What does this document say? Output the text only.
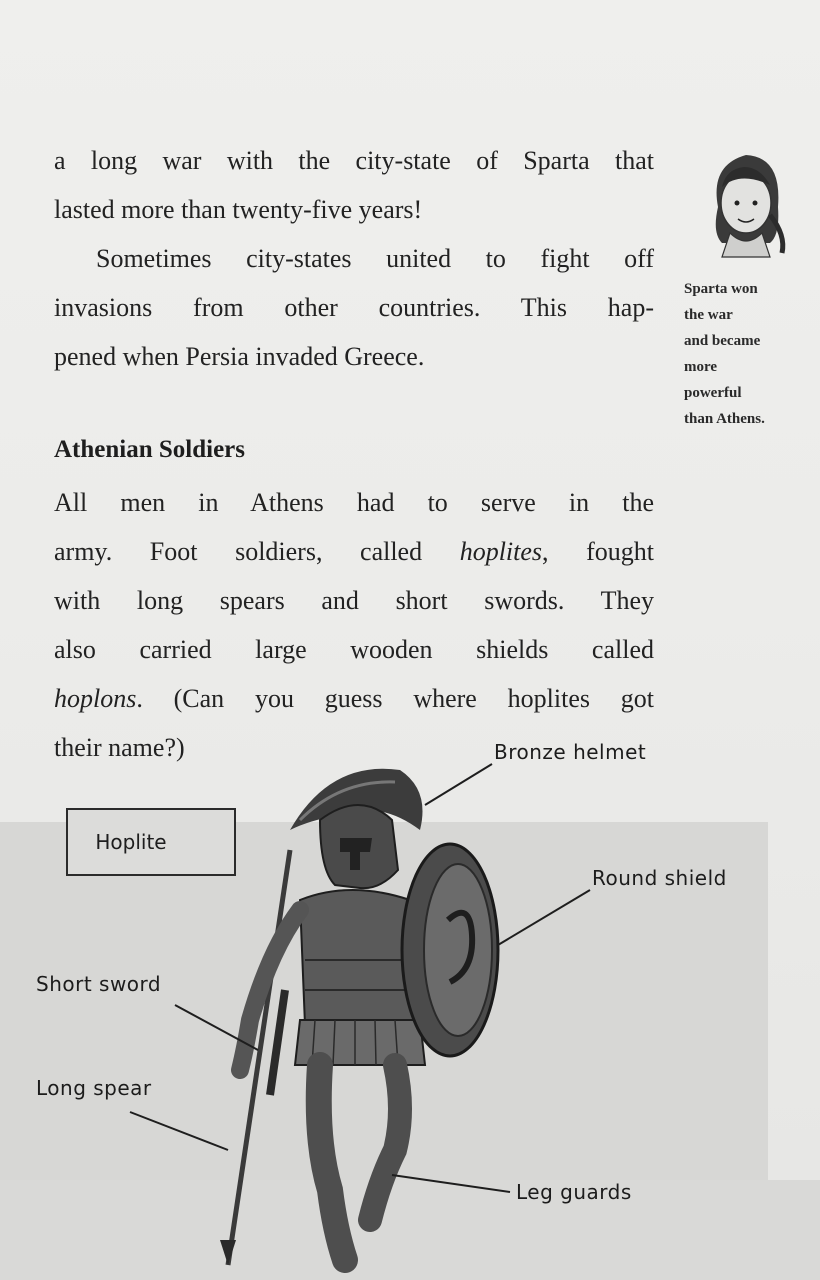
a long war with the city-state of Sparta that
lasted more than twenty-five years!
Sometimes city-states united to fight off
invasions from other countries. This hap-
pened when Persia invaded Greece.
Sparta won
the war
and became
more
powerful
than Athens.
Athenian Soldiers
All men in Athens had to serve in the
army. Foot soldiers, called hoplites, fought
with long spears and short swords. They
also carried large wooden shields called
hoplons. (Can you guess where hoplites got
their name?)
Hoplite
Bronze helmet
Round shield
Short sword
Long spear
Leg guards
